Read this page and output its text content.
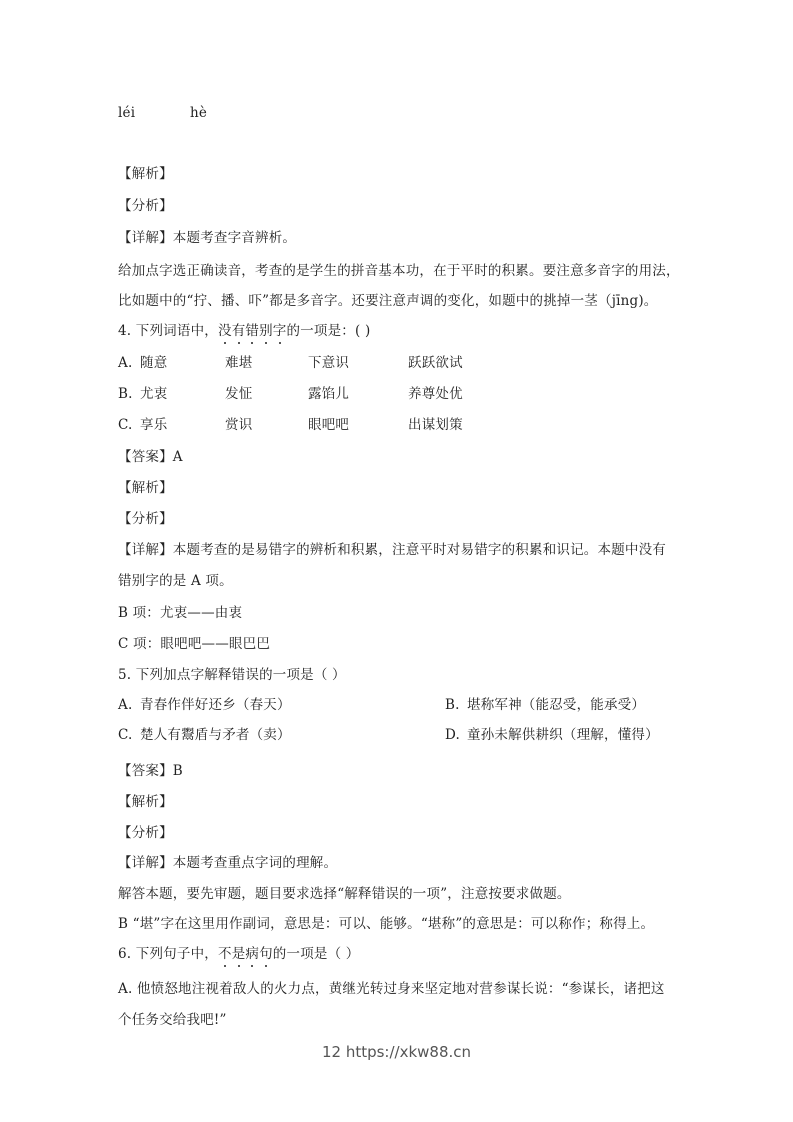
léi	hè
【解析】
【分析】
【详解】本题考查字音辨析。
给加点字选正确读音，考查的是学生的拼音基本功，在于平时的积累。要注意多音字的用法，
比如题中的“拧、播、吓”都是多音字。还要注意声调的变化，如题中的挑掉一茎（jīng)。
4. 下列词语中，没有错别字的一项是：( )
A. 随意	难堪	下意识	跃跃欲试
B. 尤衷	发怔	露馅儿	养尊处优
C. 享乐	赏识	眼吧吧	出谋划策
【答案】A
【解析】
【分析】
【详解】本题考查的是易错字的辨析和积累，注意平时对易错字的积累和识记。本题中没有
错别字的是 A 项。
B 项：尤衷——由衷
C 项：眼吧吧——眼巴巴
5. 下列加点字解释错误的一项是（ ）
A. 青春作伴好还乡（春天）	B. 堪称军神（能忍受，能承受）
C. 楚人有鬻盾与矛者（卖）	D. 童孙未解供耕织（理解，懂得）
【答案】B
【解析】
【分析】
【详解】本题考查重点字词的理解。
解答本题，要先审题，题目要求选择“解释错误的一项”，注意按要求做题。
B “堪”字在这里用作副词，意思是：可以、能够。“堪称”的意思是：可以称作；称得上。
6. 下列句子中，不是病句的一项是（ ）
A. 他愤怒地注视着敌人的火力点，黄继光转过身来坚定地对营参谋长说：“参谋长，诸把这
个任务交给我吧!”
12 https://xkw88.cn
